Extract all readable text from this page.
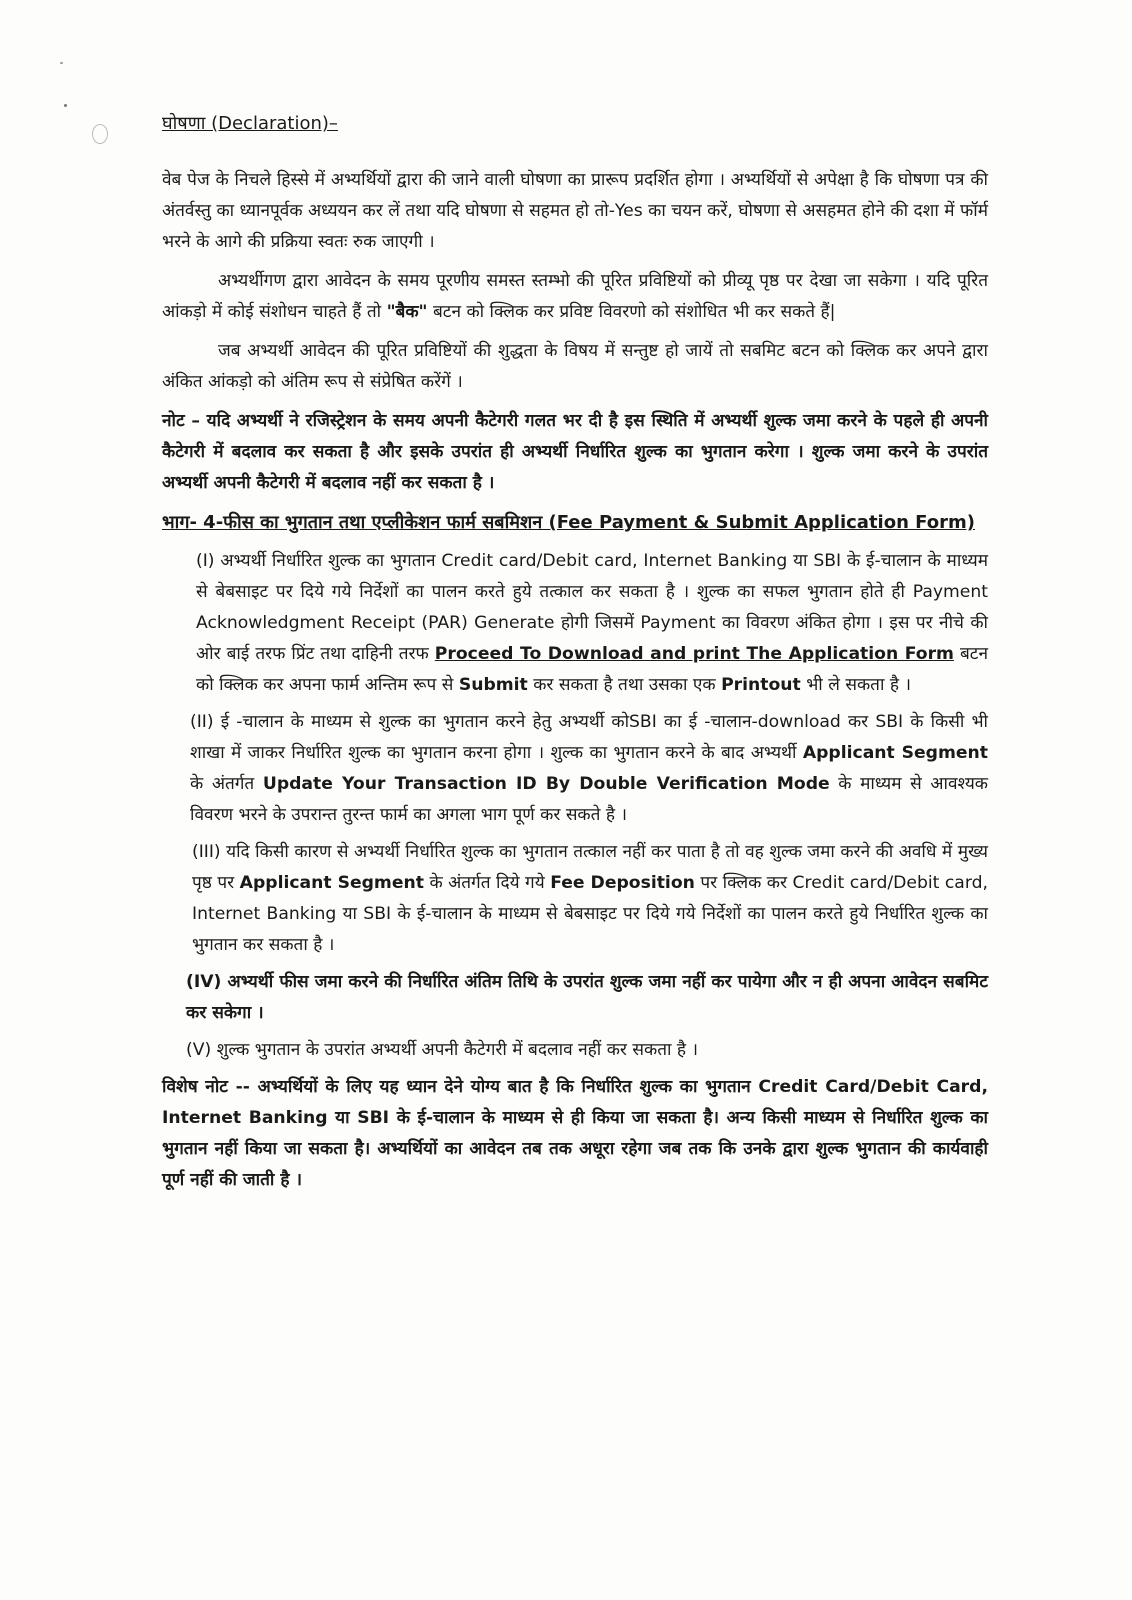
घोषणा (Declaration)–

वेब पेज के निचले हिस्से में अभ्यर्थियों द्वारा की जाने वाली घोषणा का प्रारूप प्रदर्शित होगा । अभ्यर्थियों से अपेक्षा है कि घोषणा पत्र की अंतर्वस्तु का ध्यानपूर्वक अध्ययन कर लें तथा यदि घोषणा से सहमत हो तो-Yes का चयन करें, घोषणा से असहमत होने की दशा में फॉर्म भरने के आगे की प्रक्रिया स्वतः रुक जाएगी ।

अभ्यर्थीगण द्वारा आवेदन के समय पूरणीय समस्त स्तम्भो की पूरित प्रविष्टियों को प्रीव्यू पृष्ठ पर देखा जा सकेगा । यदि पूरित आंकड़ो में कोई संशोधन चाहते हैं तो "बैक" बटन को क्लिक कर प्रविष्ट विवरणो को संशोधित भी कर सकते हैं|

जब अभ्यर्थी आवेदन की पूरित प्रविष्टियों की शुद्धता के विषय में सन्तुष्ट हो जायें तो सबमिट बटन को क्लिक कर अपने द्वारा अंकित आंकड़ो को अंतिम रूप से संप्रेषित करेंगें ।

नोट – यदि अभ्यर्थी ने रजिस्ट्रेशन के समय अपनी कैटेगरी गलत भर दी है इस स्थिति में अभ्यर्थी शुल्क जमा करने के पहले ही अपनी कैटेगरी में बदलाव कर सकता है और इसके उपरांत ही अभ्यर्थी निर्धारित शुल्क का भुगतान करेगा । शुल्क जमा करने के उपरांत अभ्यर्थी अपनी कैटेगरी में बदलाव नहीं कर सकता है ।

भाग- 4-फीस का भुगतान तथा एप्लीकेशन फार्म सबमिशन (Fee Payment & Submit Application Form)

(I) अभ्यर्थी निर्धारित शुल्क का भुगतान Credit card/Debit card, Internet Banking या SBI के ई-चालान के माध्यम से बेबसाइट पर दिये गये निर्देशों का पालन करते हुये तत्काल कर सकता है । शुल्क का सफल भुगतान होते ही Payment Acknowledgment Receipt (PAR) Generate होगी जिसमें Payment का विवरण अंकित होगा । इस पर नीचे की ओर बाई तरफ प्रिंट तथा दाहिनी तरफ Proceed To Download and print The Application Form बटन को क्लिक कर अपना फार्म अन्तिम रूप से Submit कर सकता है तथा उसका एक Printout भी ले सकता है ।

(II) ई -चालान के माध्यम से शुल्क का भुगतान करने हेतु अभ्यर्थी कोSBI का ई -चालान-download कर SBI के किसी भी शाखा में जाकर निर्धारित शुल्क का भुगतान करना होगा । शुल्क का भुगतान करने के बाद अभ्यर्थी Applicant Segment के अंतर्गत Update Your Transaction ID By Double Verification Mode के माध्यम से आवश्यक विवरण भरने के उपरान्त तुरन्त फार्म का अगला भाग पूर्ण कर सकते है ।

(III) यदि किसी कारण से अभ्यर्थी निर्धारित शुल्क का भुगतान तत्काल नहीं कर पाता है तो वह शुल्क जमा करने की अवधि में मुख्य पृष्ठ पर Applicant Segment के अंतर्गत दिये गये Fee Deposition पर क्लिक कर Credit card/Debit card, Internet Banking या SBI के ई-चालान के माध्यम से बेबसाइट पर दिये गये निर्देशों का पालन करते हुये निर्धारित शुल्क का भुगतान कर सकता है ।

(IV) अभ्यर्थी फीस जमा करने की निर्धारित अंतिम तिथि के उपरांत शुल्क जमा नहीं कर पायेगा और न ही अपना आवेदन सबमिट कर सकेगा ।

(V) शुल्क भुगतान के उपरांत अभ्यर्थी अपनी कैटेगरी में बदलाव नहीं कर सकता है ।

विशेष नोट -- अभ्यर्थियों के लिए यह ध्यान देने योग्य बात है कि निर्धारित शुल्क का भुगतान Credit Card/Debit Card, Internet Banking या SBI के ई-चालान के माध्यम से ही किया जा सकता है। अन्य किसी माध्यम से निर्धारित शुल्क का भुगतान नहीं किया जा सकता है। अभ्यर्थियों का आवेदन तब तक अधूरा रहेगा जब तक कि उनके द्वारा शुल्क भुगतान की कार्यवाही पूर्ण नहीं की जाती है ।
